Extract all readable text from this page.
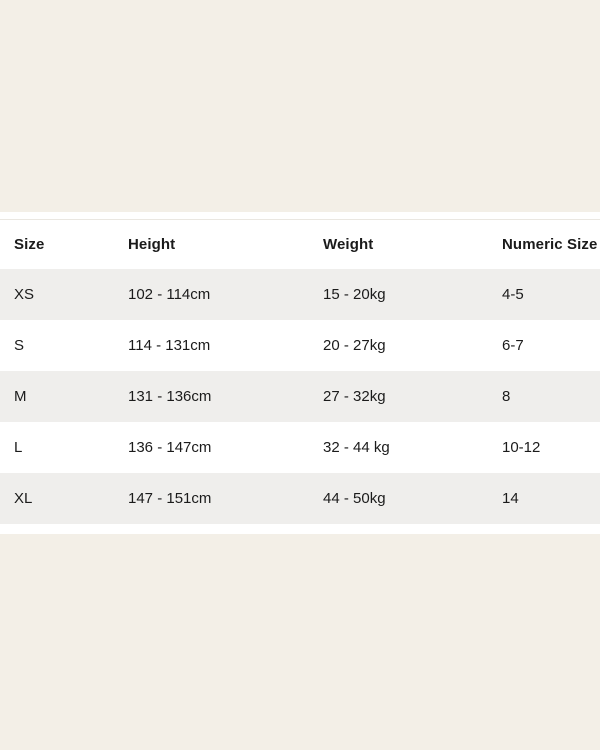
Size	Height	Weight	Numeric Size
XS	102 - 114cm	15 - 20kg	4-5
S	114 - 131cm	20 - 27kg	6-7
M	131 - 136cm	27 - 32kg	8
L	136 - 147cm	32 - 44 kg	10-12
XL	147 - 151cm	44 - 50kg	14
